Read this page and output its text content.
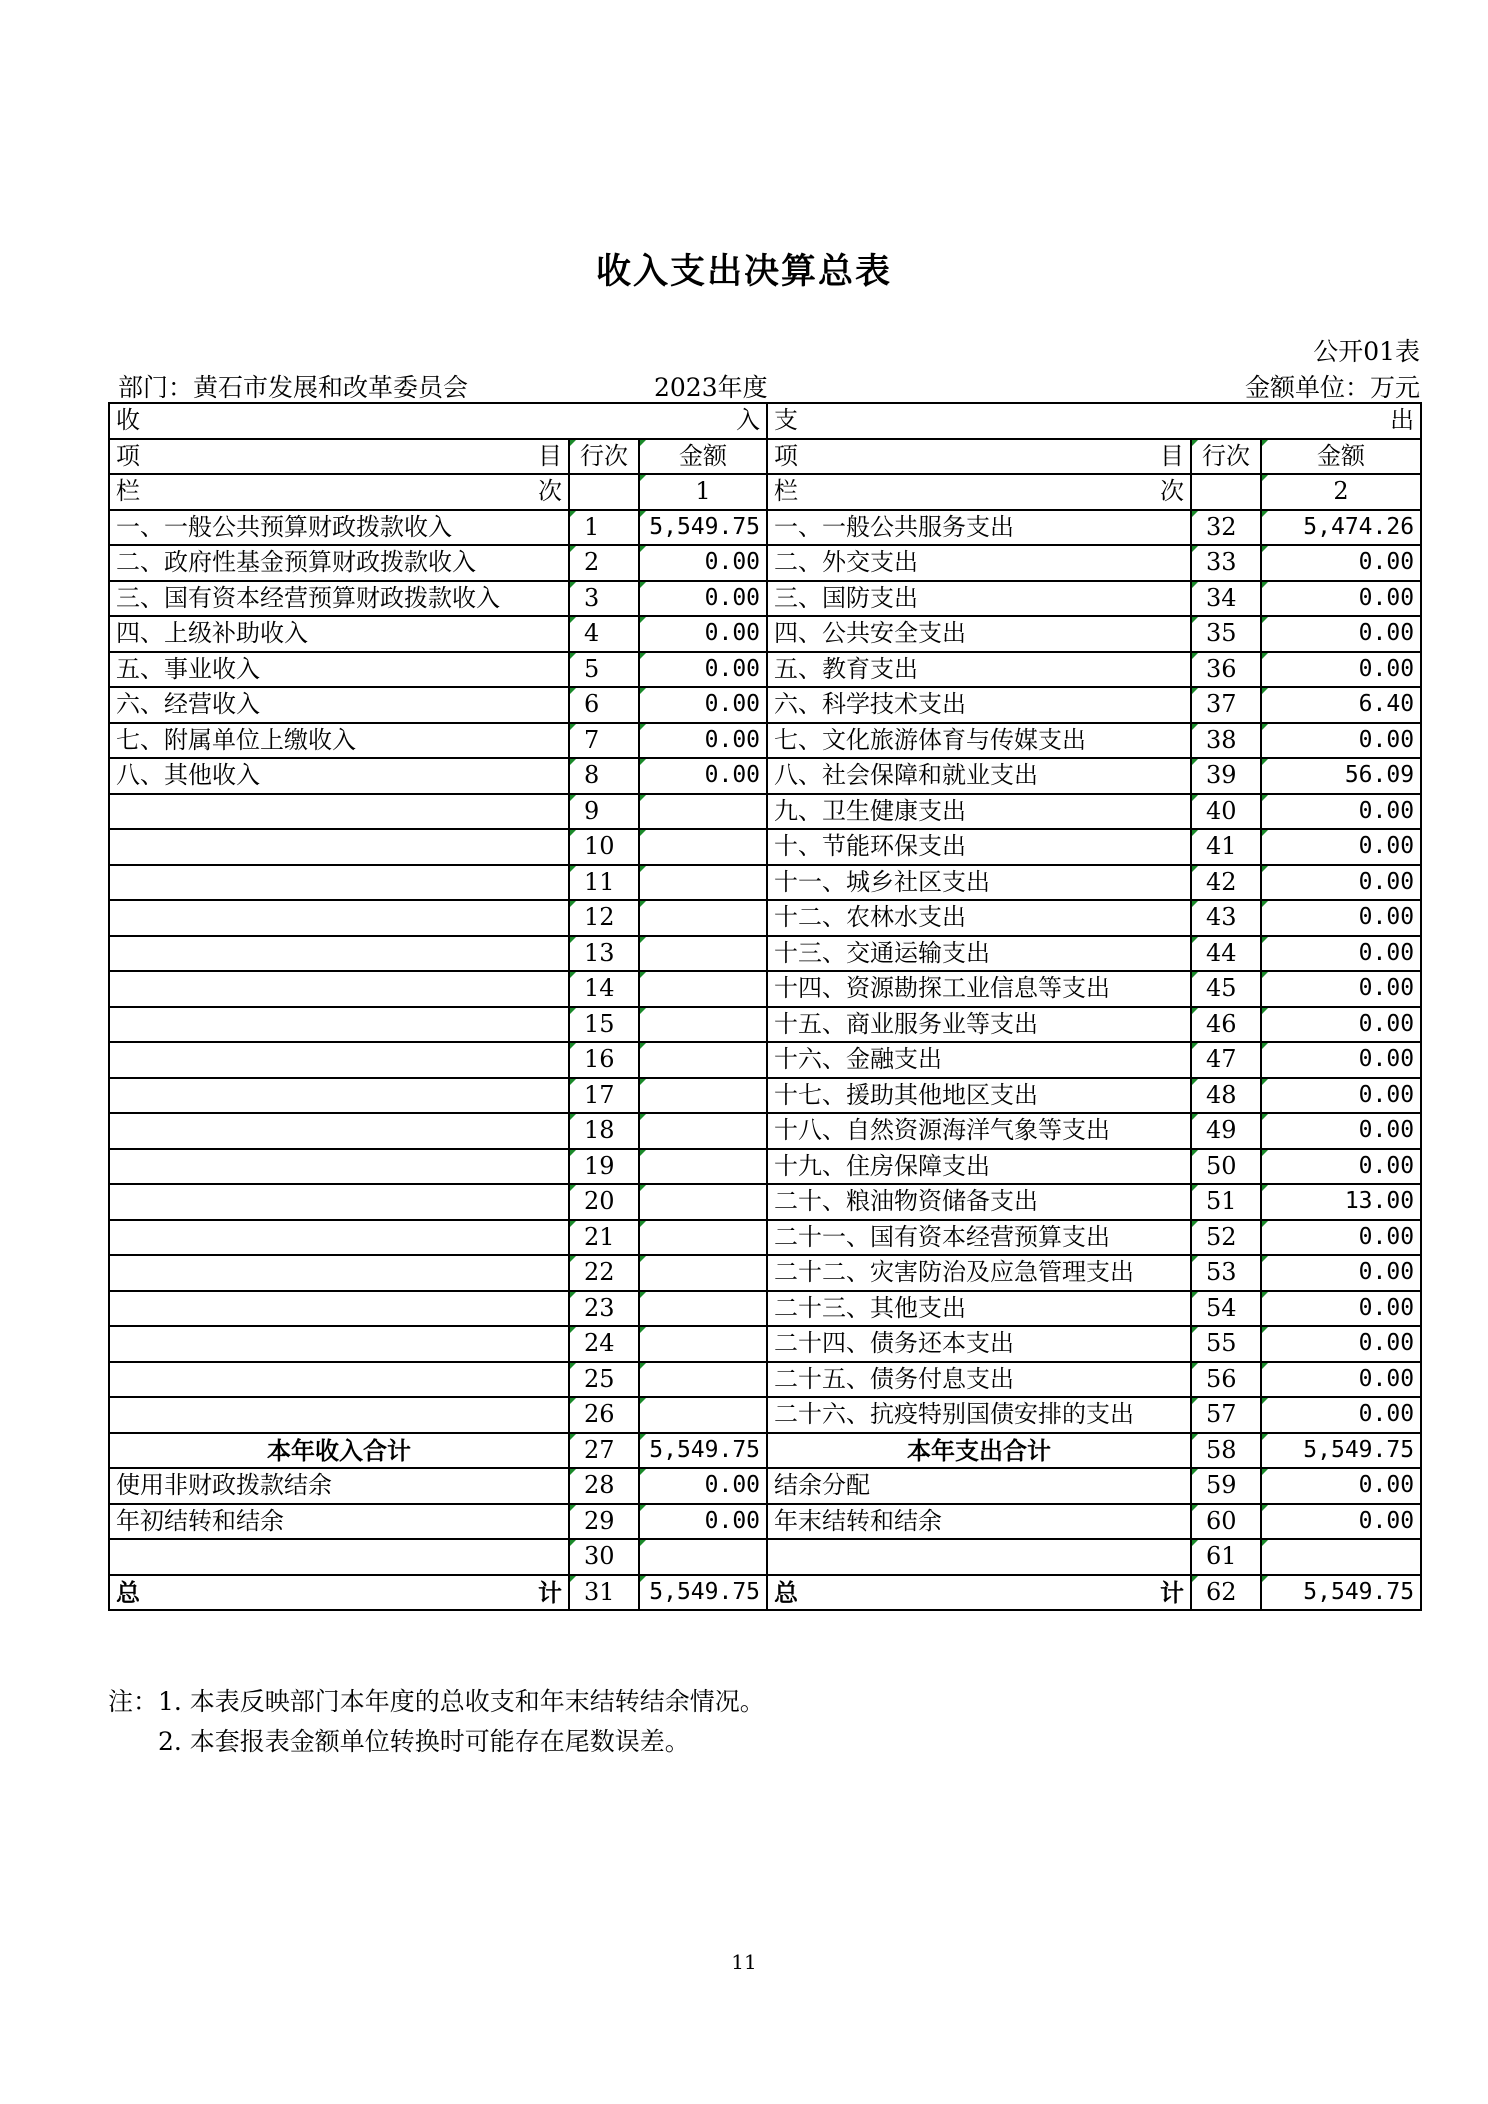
收入支出决算总表
公开01表
部门：黄石市发展和改革委员会	2023年度	金额单位：万元
收 入			支 出		

项 目	行次	金额	项 目	行次	金额

栏 次		1	栏 次		2
一、一般公共预算财政拨款收入	1	5,549.75	一、一般公共服务支出	32	5,474.26
二、政府性基金预算财政拨款收入	2	0.00	二、外交支出	33	0.00
三、国有资本经营预算财政拨款收入	3	0.00	三、国防支出	34	0.00
四、上级补助收入	4	0.00	四、公共安全支出	35	0.00
五、事业收入	5	0.00	五、教育支出	36	0.00
六、经营收入	6	0.00	六、科学技术支出	37	6.40
七、附属单位上缴收入	7	0.00	七、文化旅游体育与传媒支出	38	0.00
八、其他收入	8	0.00	八、社会保障和就业支出	39	56.09
	9		九、卫生健康支出	40	0.00
	10		十、节能环保支出	41	0.00
	11		十一、城乡社区支出	42	0.00
	12		十二、农林水支出	43	0.00
	13		十三、交通运输支出	44	0.00
	14		十四、资源勘探工业信息等支出	45	0.00
	15		十五、商业服务业等支出	46	0.00
	16		十六、金融支出	47	0.00
	17		十七、援助其他地区支出	48	0.00
	18		十八、自然资源海洋气象等支出	49	0.00
	19		十九、住房保障支出	50	0.00
	20		二十、粮油物资储备支出	51	13.00
	21		二十一、国有资本经营预算支出	52	0.00
	22		二十二、灾害防治及应急管理支出	53	0.00
	23		二十三、其他支出	54	0.00
	24		二十四、债务还本支出	55	0.00
	25		二十五、债务付息支出	56	0.00
	26		二十六、抗疫特别国债安排的支出	57	0.00
本年收入合计	27	5,549.75	本年支出合计	58	5,549.75
使用非财政拨款结余	28	0.00	结余分配	59	0.00
年初结转和结余	29	0.00	年末结转和结余	60	0.00
	30			61	

总 计	31	5,549.75	总 计	62	5,549.75
注：1. 本表反映部门本年度的总收支和年末结转结余情况。
　　2. 本套报表金额单位转换时可能存在尾数误差。
11
